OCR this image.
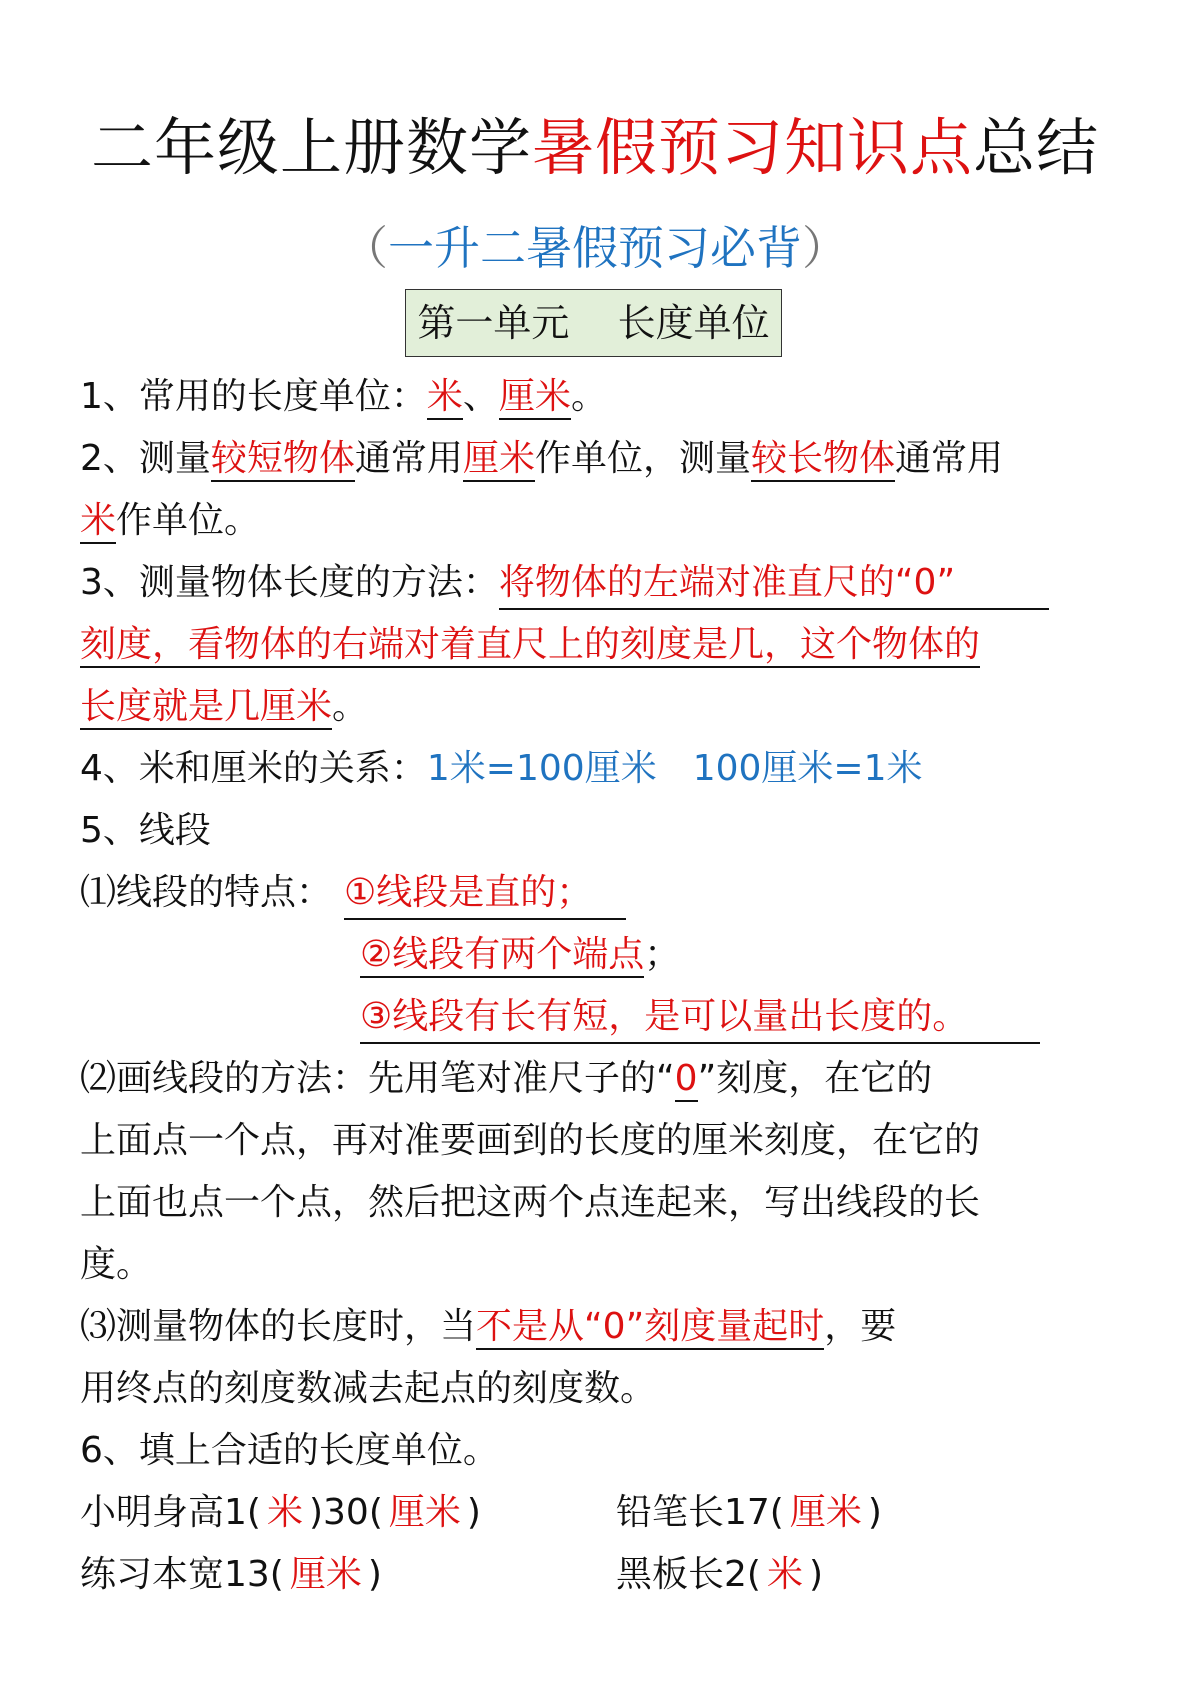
二年级上册数学暑假预习知识点总结
（一升二暑假预习必背）
第一单元    长度单位
1、常用的长度单位：米、厘米。
2、测量较短物体通常用厘米作单位，测量较长物体通常用
米作单位。
3、测量物体长度的方法：将物体的左端对准直尺的“0”
刻度，看物体的右端对着直尺上的刻度是几，这个物体的
长度就是几厘米。
4、米和厘米的关系：1米=100厘米 100厘米=1米
5、线段
⑴线段的特点： ①线段是直的；
②线段有两个端点；
③线段有长有短，是可以量出长度的。
⑵画线段的方法：先用笔对准尺子的“0”刻度，在它的
上面点一个点，再对准要画到的长度的厘米刻度，在它的
上面也点一个点，然后把这两个点连起来，写出线段的长
度。
⑶测量物体的长度时，当不是从“0”刻度量起时，要
用终点的刻度数减去起点的刻度数。
6、填上合适的长度单位。
小明身高1( 米 )30( 厘米 )	铅笔长17( 厘米 )
练习本宽13( 厘米 )	黑板长2( 米 )
